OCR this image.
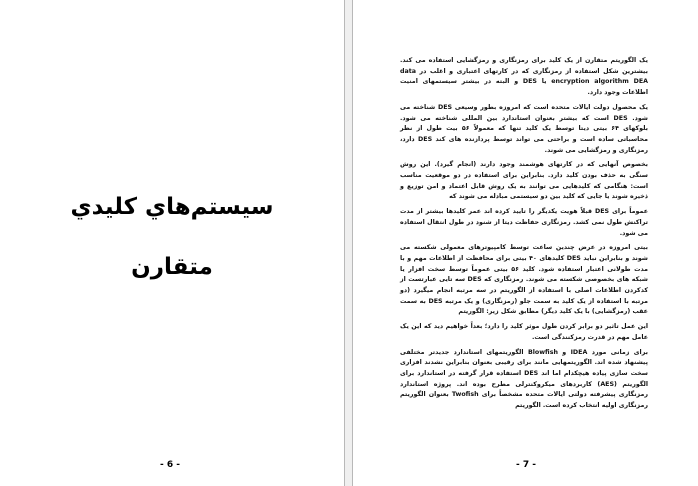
سیستم‌هاي كليدي
متقارن
- 6 -

یک الگوریتم متقارن از یک کلید برای رمزنگاری و رمزگشایی استفاده می کند. بیشترین شکل استفاده از رمزنگاری که در کارتهای اعتباری و اغلب در data encryption algorithm DEA یا DES و البته در بیشتر سیستمهای امنیت اطلاعات وجود دارد.

یک محصول دولت ایالات متحده است که امروزه بطور وسیعی DES شناخته می شود. DES است که بیشتر بعنوان استاندارد بین المللی شناخته می شود. بلوکهای ۶۴ بیتی دیتا توسط یک کلید تنها که معمولاً ۵۶ بیت طول از نظر محاسباتی ساده است و براحتی می تواند توسط پردازنده های کند DES دارد، رمزنگاری و رمزگشایی می شوند.

بخصوص آنهایی که در کارتهای هوشمند وجود دارند (انجام گیرد). این روش سنگی به حذف بودن کلید دارد. بنابراین برای استفاده در دو موقعیت مناسب است: هنگامی که کلیدهایی می توانند به یک روش قابل اعتماد و امن توزیع و ذخیره شوند یا جایی که کلید بین دو سیستمی مبادله می شوند که

عموماً برای DES قبلاً هویت یکدیگر را تایید کرده اند عمر کلیدها بیشتر از مدت تراکنش طول نمی کشد. رمزنگاری حفاظت دیتا از شنود در طول انتقال استفاده می شود.

بیتی امروزه در عرض چندین ساعت توسط کامپیوترهای معمولی شکسته می شوند و بنابراین نباید DES کلیدهای ۴۰ بیتی برای محافظت از اطلاعات مهم و با مدت طولانی اعتبار استفاده شود. کلید ۵۶ بیتی عموماً توسط سخت افزار یا شبکه های بخصوصی شکسته می شوند. رمزنگاری که DES سه تایی عبارتست از کدکردن اطلاعات اصلی با استفاده از الگوریتم در سه مرتبه انجام میگیرد (دو مرتبه با استفاده از یک کلید به سمت جلو (رمزنگاری) و یک مرتبه DES به سمت عقب (رمزگشایی) با یک کلید دیگر) مطابق شکل زیر: الگوریتم

این عمل تاثیر دو برابر کردن طول موثر کلید را دارد؛ بعداً خواهیم دید که این یک عامل مهم در قدرت رمزکنندگی است.

برای زمانی مورد IDEA و Blowfish الگوریتمهای استاندارد جدیدتر مختلفی پیشنهاد شده اند. الگوریتمهایی مانند برای رقیبی بعنوان بنابراین نشدند افزاری سخت سازی پیاده هیچکدام اما اند DES استفاده قرار گرفته در استاندارد برای الگوریتم (AES) کاربردهای میکروکنترلی مطرح بوده اند. پروژه استاندارد رمزنگاری پیشرفته دولتی ایالات متحده مشخصاً برای Twofish بعنوان الگوریتم رمزنگاری اولیه انتخاب کرده است. الگوریتم

- 7 -
